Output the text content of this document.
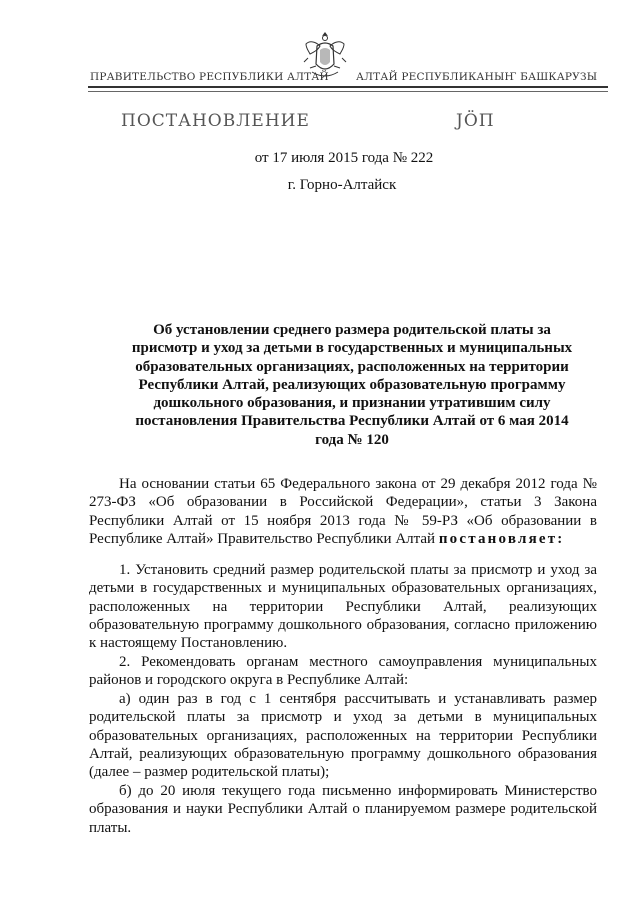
ПРАВИТЕЛЬСТВО РЕСПУБЛИКИ АЛТАЙ	АЛТАЙ РЕСПУБЛИКАНЫҤ БАШКАРУЗЫ
ПОСТАНОВЛЕНИЕ	JӦП
от 17 июля 2015 года № 222
г. Горно-Алтайск
Об установлении среднего размера родительской платы за присмотр и уход за детьми в государственных и муниципальных образовательных организациях, расположенных на территории Республики Алтай, реализующих образовательную программу дошкольного образования, и признании утратившим силу постановления Правительства Республики Алтай от 6 мая 2014 года № 120

На основании статьи 65 Федерального закона от 29 декабря 2012 года № 273-ФЗ «Об образовании в Российской Федерации», статьи 3 Закона Республики Алтай от 15 ноября 2013 года № 59-РЗ «Об образовании в Республике Алтай» Правительство Республики Алтай постановляет:

1. Установить средний размер родительской платы за присмотр и уход за детьми в государственных и муниципальных образовательных организациях, расположенных на территории Республики Алтай, реализующих образовательную программу дошкольного образования, согласно приложению к настоящему Постановлению.

2. Рекомендовать органам местного самоуправления муниципальных районов и городского округа в Республике Алтай:

а) один раз в год с 1 сентября рассчитывать и устанавливать размер родительской платы за присмотр и уход за детьми в муниципальных образовательных организациях, расположенных на территории Республики Алтай, реализующих образовательную программу дошкольного образования (далее – размер родительской платы);

б) до 20 июля текущего года письменно информировать Министерство образования и науки Республики Алтай о планируемом размере родительской платы.
